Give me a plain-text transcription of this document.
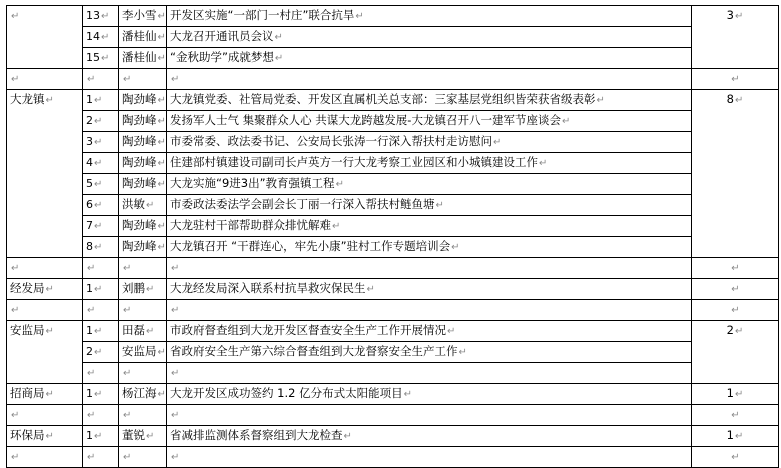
↵	13↵	李小雪↵	开发区实施“一部门一村庄”联合抗旱↵	3↵
	14↵	潘桂仙↵	大龙召开通讯员会议↵	
	15↵	潘桂仙↵	“金秋助学”成就梦想↵	
↵	↵	↵	↵	↵
大龙镇↵	1↵	陶劲峰↵	大龙镇党委、社管局党委、开发区直属机关总支部：三家基层党组织皆荣获省级表彰↵	8↵
	2↵	陶劲峰↵	发扬军人士气 集聚群众人心 共谋大龙跨越发展-大龙镇召开八一建军节座谈会↵	
	3↵	陶劲峰↵	市委常委、政法委书记、公安局长张涛一行深入帮扶村走访慰问↵	
	4↵	陶劲峰↵	住建部村镇建设司副司长卢英方一行大龙考察工业园区和小城镇建设工作↵	
	5↵	陶劲峰↵	大龙实施“9进3出”教育强镇工程↵	
	6↵	洪敏↵	市委政法委法学会副会长丁丽一行深入帮扶村鲢鱼塘↵	
	7↵	陶劲峰↵	大龙驻村干部帮助群众排忧解难↵	
	8↵	陶劲峰↵	大龙镇召开 “干群连心，牢先小康”驻村工作专题培训会↵	
↵	↵	↵	↵	↵
经发局↵	1↵	刘鹏↵	大龙经发局深入联系村抗旱救灾保民生↵	↵
↵	↵	↵	↵	↵
安监局↵	1↵	田磊↵	市政府督查组到大龙开发区督查安全生产工作开展情况↵	2↵
	2↵	安监局↵	省政府安全生产第六综合督查组到大龙督察安全生产工作↵	
	↵	↵	↵	
招商局↵	1↵	杨江海↵	大龙开发区成功签约 1.2 亿分布式太阳能项目↵	1↵
↵	↵	↵	↵	↵
环保局↵	1↵	董锐↵	省减排监测体系督察组到大龙检查↵	1↵
↵	↵	↵	↵	↵
